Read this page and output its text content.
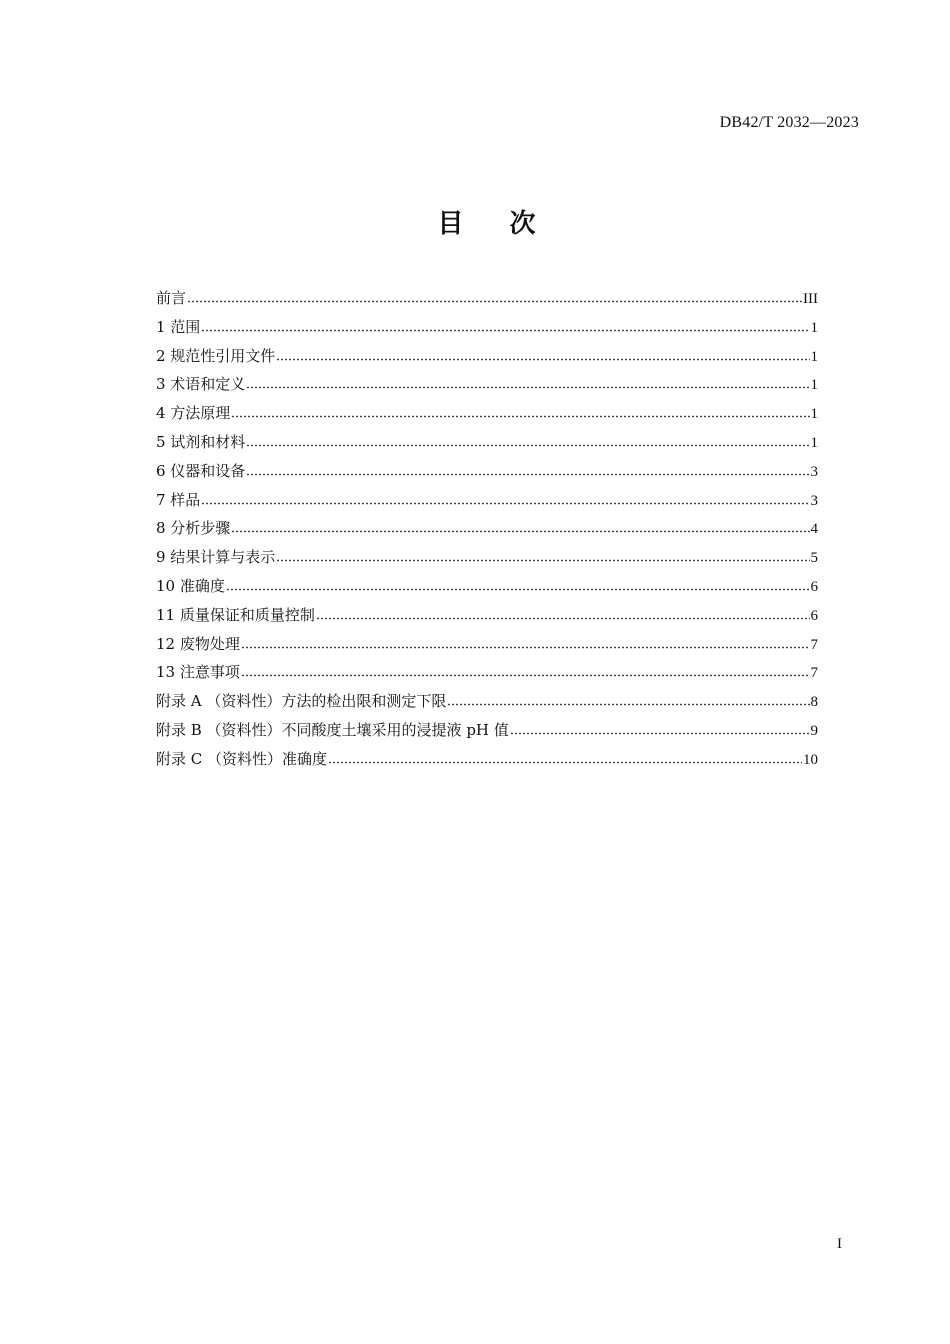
DB42/T 2032—2023
目 次
前言	III
1 范围	1
2 规范性引用文件	1
3 术语和定义	1
4 方法原理	1
5 试剂和材料	1
6 仪器和设备	3
7 样品	3
8 分析步骤	4
9 结果计算与表示	5
10 准确度	6
11 质量保证和质量控制	6
12 废物处理	7
13 注意事项	7
附录 A （资料性）方法的检出限和测定下限	8
附录 B （资料性）不同酸度土壤采用的浸提液 pH 值	9
附录 C （资料性）准确度	10
I
